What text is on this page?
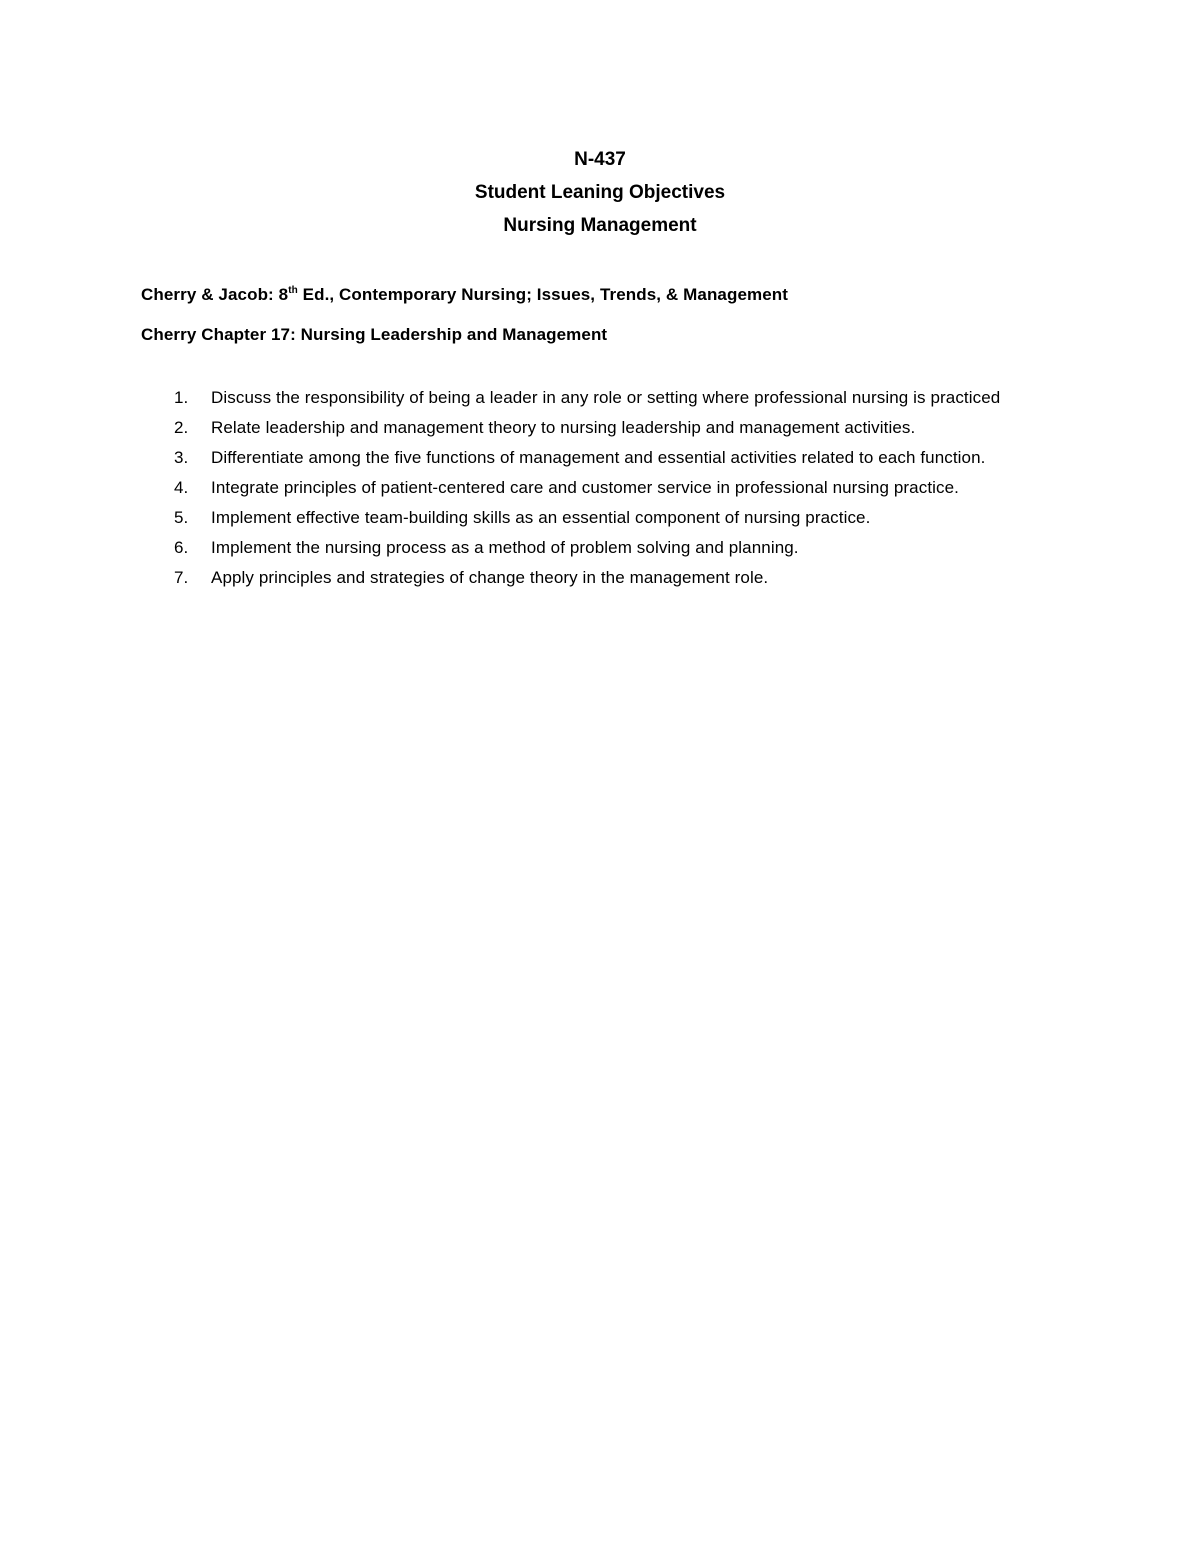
N-437
Student Leaning Objectives
Nursing Management
Cherry & Jacob: 8th Ed., Contemporary Nursing; Issues, Trends, & Management
Cherry Chapter 17: Nursing Leadership and Management
1.	Discuss the responsibility of being a leader in any role or setting where professional nursing is practiced
2.	Relate leadership and management theory to nursing leadership and management activities.
3.	Differentiate among the five functions of management and essential activities related to each function.
4.	Integrate principles of patient-centered care and customer service in professional nursing practice.
5.	Implement effective team-building skills as an essential component of nursing practice.
6.	Implement the nursing process as a method of problem solving and planning.
7.	Apply principles and strategies of change theory in the management role.
